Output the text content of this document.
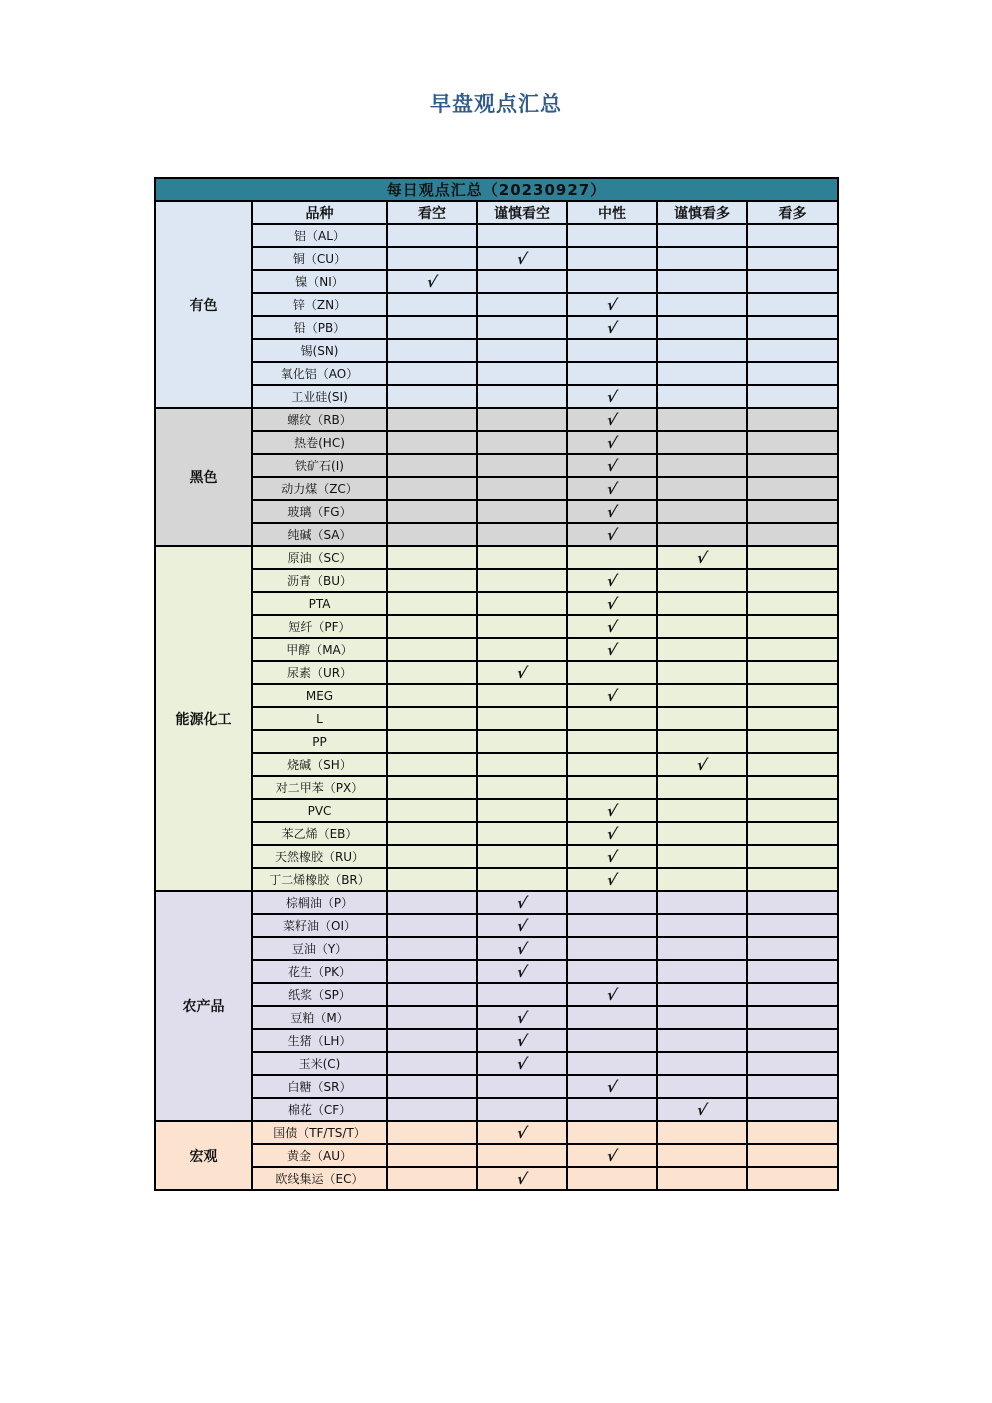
早盘观点汇总
每日观点汇总（20230927）						
有色	品种	看空	谨慎看空	中性	谨慎看多	看多
	铝（AL）					
	铜（CU）		√			
	镍（NI）	√				
	锌（ZN）			√		
	铅（PB）			√		
	锡(SN)					
	氧化铝（AO）					
	工业硅(SI)			√		
黑色	螺纹（RB）			√		
	热卷(HC)			√		
	铁矿石(I)			√		
	动力煤（ZC）			√		
	玻璃（FG）			√		
	纯碱（SA）			√		
能源化工	原油（SC）				√	
	沥青（BU）			√		
	PTA			√		
	短纤（PF）			√		
	甲醇（MA）			√		
	尿素（UR）		√			
	MEG			√		
	L					
	PP					
	烧碱（SH）				√	
	对二甲苯（PX）					
	PVC			√		
	苯乙烯（EB）			√		
	天然橡胶（RU）			√		
	丁二烯橡胶（BR）			√		
农产品	棕榈油（P）		√			
	菜籽油（OI）		√			
	豆油（Y）		√			
	花生（PK）		√			
	纸浆（SP）			√		
	豆粕（M）		√			
	生猪（LH）		√			
	玉米(C)		√			
	白糖（SR）			√		
	棉花（CF）				√	
宏观	国债（TF/TS/T）		√			
	黄金（AU）			√		
	欧线集运（EC）		√			
